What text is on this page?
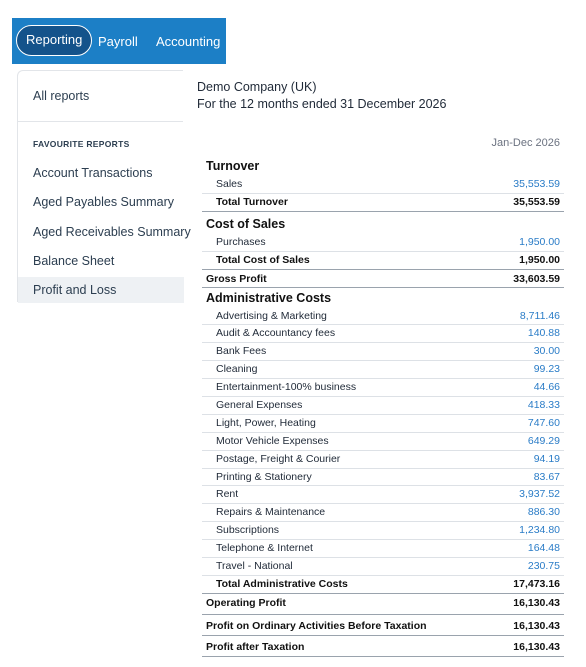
Reporting	Payroll Accounting
All reports
FAVOURITE REPORTS
Account Transactions
Aged Payables Summary
Aged Receivables Summary
Balance Sheet
Profit and Loss
Demo Company (UK)
For the 12 months ended 31 December 2026
Jan-Dec 2026
Turnover
Sales	35,553.59
Total Turnover	35,553.59
Cost of Sales
Purchases	1,950.00
Total Cost of Sales	1,950.00
Gross Profit	33,603.59
Administrative Costs
Advertising & Marketing	8,711.46
Audit & Accountancy fees	140.88
Bank Fees	30.00
Cleaning	99.23
Entertainment-100% business	44.66
General Expenses	418.33
Light, Power, Heating	747.60
Motor Vehicle Expenses	649.29
Postage, Freight & Courier	94.19
Printing & Stationery	83.67
Rent	3,937.52
Repairs & Maintenance	886.30
Subscriptions	1,234.80
Telephone & Internet	164.48
Travel - National	230.75
Total Administrative Costs	17,473.16
Operating Profit	16,130.43
Profit on Ordinary Activities Before Taxation	16,130.43
Profit after Taxation	16,130.43
